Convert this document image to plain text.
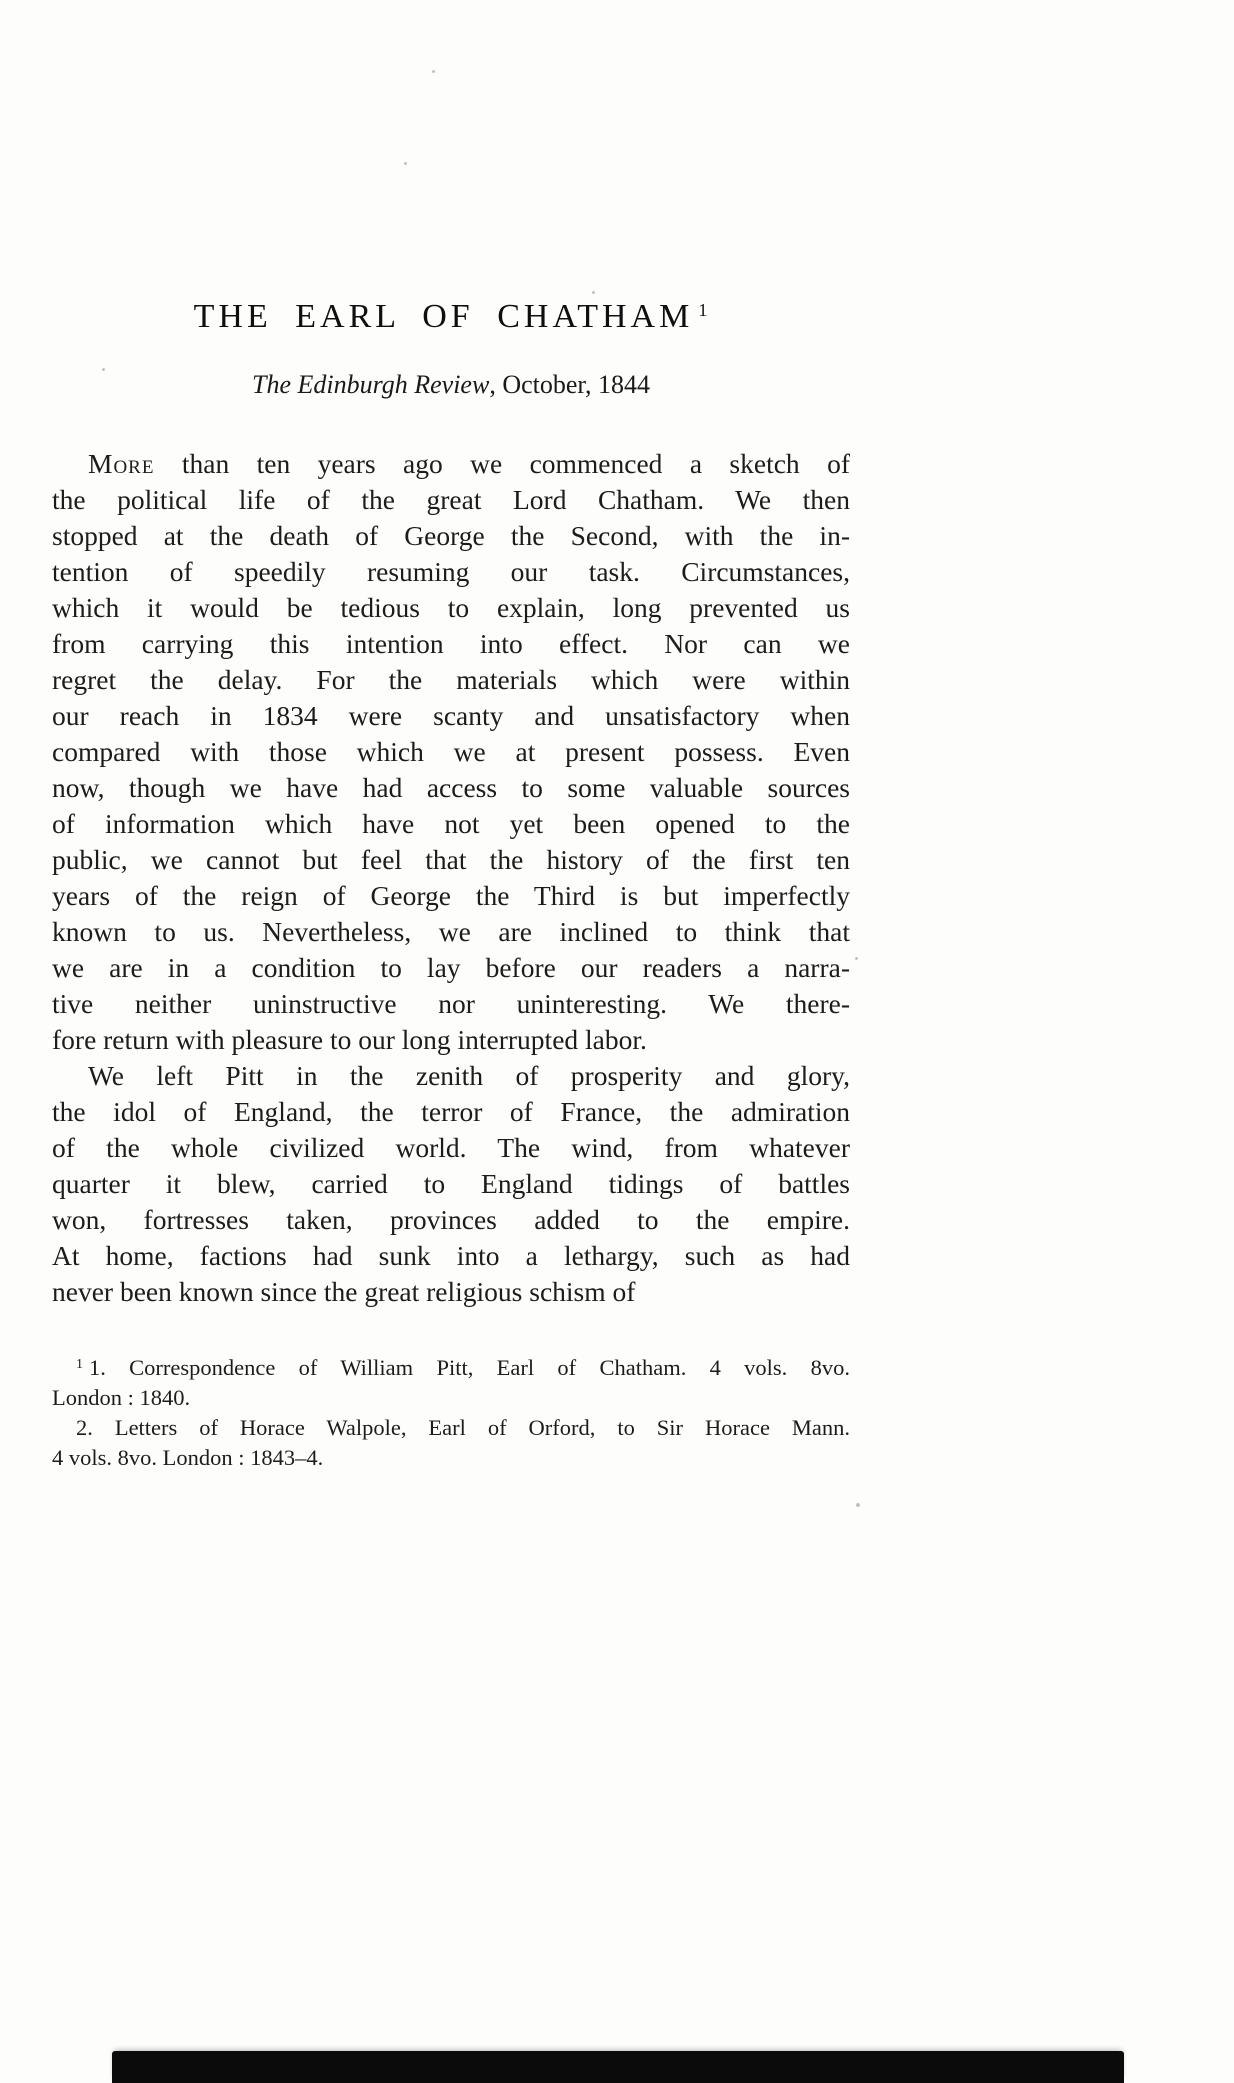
THE EARL OF CHATHAM $^1$
The Edinburgh Review, October, 1844
More than ten years ago we commenced a sketch of
the political life of the great Lord Chatham. We then
stopped at the death of George the Second, with the in-
tention of speedily resuming our task. Circumstances,
which it would be tedious to explain, long prevented us
from carrying this intention into effect. Nor can we
regret the delay. For the materials which were within
our reach in 1834 were scanty and unsatisfactory when
compared with those which we at present possess. Even
now, though we have had access to some valuable sources
of information which have not yet been opened to the
public, we cannot but feel that the history of the first ten
years of the reign of George the Third is but imperfectly
known to us. Nevertheless, we are inclined to think that
we are in a condition to lay before our readers a narra-
tive neither uninstructive nor uninteresting. We there-
fore return with pleasure to our long interrupted labor.
We left Pitt in the zenith of prosperity and glory,
the idol of England, the terror of France, the admiration
of the whole civilized world. The wind, from whatever
quarter it blew, carried to England tidings of battles
won, fortresses taken, provinces added to the empire.
At home, factions had sunk into a lethargy, such as had
never been known since the great religious schism of
$^1$ 1. Correspondence of William Pitt, Earl of Chatham. 4 vols. 8vo.
London : 1840.
2. Letters of Horace Walpole, Earl of Orford, to Sir Horace Mann.
4 vols. 8vo. London : 1843–4.
